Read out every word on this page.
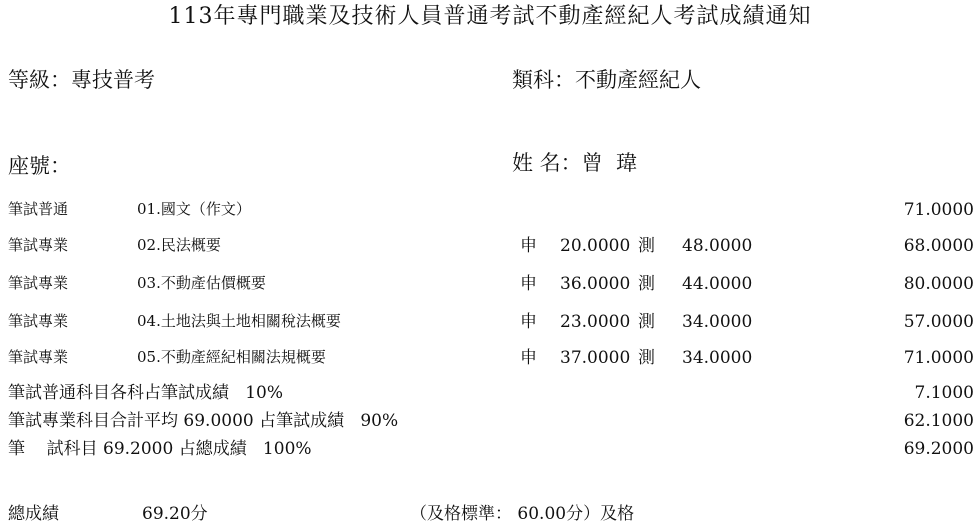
113年專門職業及技術人員普通考試不動產經紀人考試成績通知
等級：專技普考	類科：不動產經紀人
座號：	姓 名：曾  瑋
筆試普通	01.國文（作文）	71.0000
筆試專業	02.民法概要	申 20.0000 測 48.0000	68.0000
筆試專業	03.不動產估價概要	申 36.0000 測 44.0000	80.0000
筆試專業	04.土地法與土地相關稅法概要	申 23.0000 測 34.0000	57.0000
筆試專業	05.不動產經紀相關法規概要	申 37.0000 測 34.0000	71.0000
筆試普通科目各科占筆試成績   10%	7.1000
筆試專業科目合計平均 69.0000 占筆試成績   90%	62.1000
筆    試科目 69.2000 占總成績   100%	69.2000
總成績	69.20分	（及格標準： 60.00分）及格
